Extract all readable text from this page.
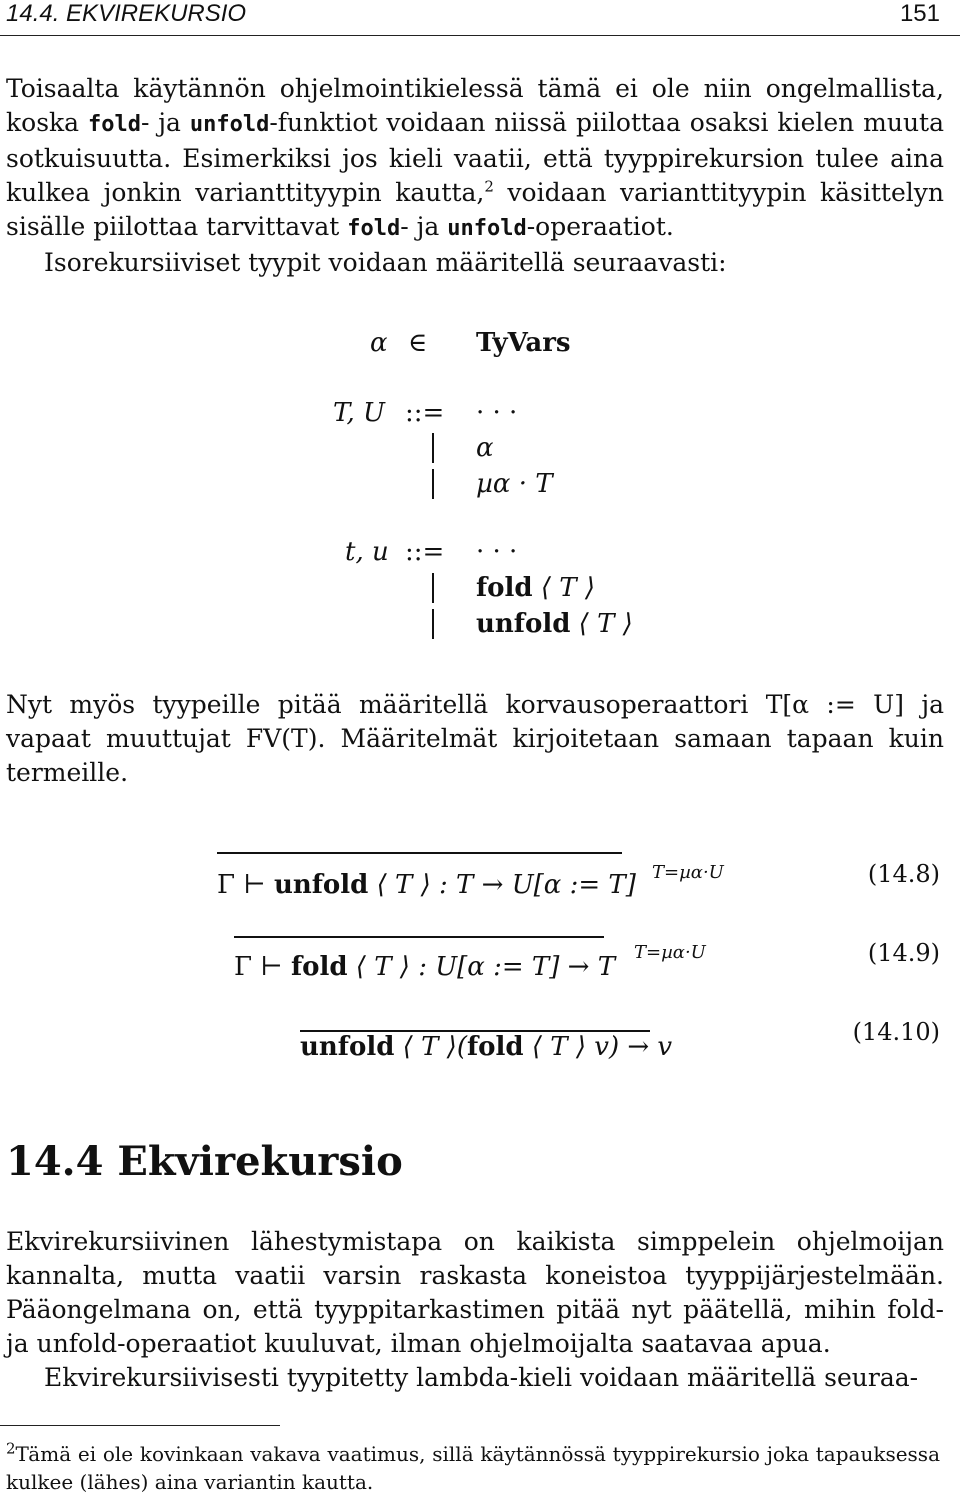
14.4. EKVIREKURSIO	151

Toisaalta käytännön ohjelmointikielessä tämä ei ole niin ongelmallista, koska fold- ja unfold-funktiot voidaan niissä piilottaa osaksi kielen muuta sotkuisuutta. Esimerkiksi jos kieli vaatii, että tyyppirekursion tulee aina kulkea jonkin varianttityypin kautta,$^2$ voidaan varianttityypin käsittelyn sisälle piilottaa tarvittavat fold- ja unfold-operaatiot.
Isorekursiiviset tyypit voidaan määritellä seuraavasti:

α ∈ TyVars
T, U ::= · · ·
α
µα · T
t, u ::= · · ·
fold ⟨ T ⟩
unfold ⟨ T ⟩

Nyt myös tyypeille pitää määritellä korvausoperaattori T[α := U] ja vapaat muuttujat FV(T). Määritelmät kirjoitetaan samaan tapaan kuin termeille.

Γ ⊢ unfold ⟨ T ⟩ : T → U[α := T] T=µα·U	(14.8)
Γ ⊢ fold ⟨ T ⟩ : U[α := T] → T T=µα·U	(14.9)
unfold ⟨ T ⟩(fold ⟨ T ⟩ v) → v	(14.10)
14.4 Ekvirekursio

Ekvirekursiivinen lähestymistapa on kaikista simppelein ohjelmoijan kannalta, mutta vaatii varsin raskasta koneistoa tyyppijärjestelmään. Pääongelmana on, että tyyppitarkastimen pitää nyt päätellä, mihin fold- ja unfold-operaatiot kuuluvat, ilman ohjelmoijalta saatavaa apua.
Ekvirekursiivisesti tyypitetty lambda-kieli voidaan määritellä seuraa-

$^2$Tämä ei ole kovinkaan vakava vaatimus, sillä käytännössä tyyppirekursio joka tapauksessa kulkee (lähes) aina variantin kautta.
